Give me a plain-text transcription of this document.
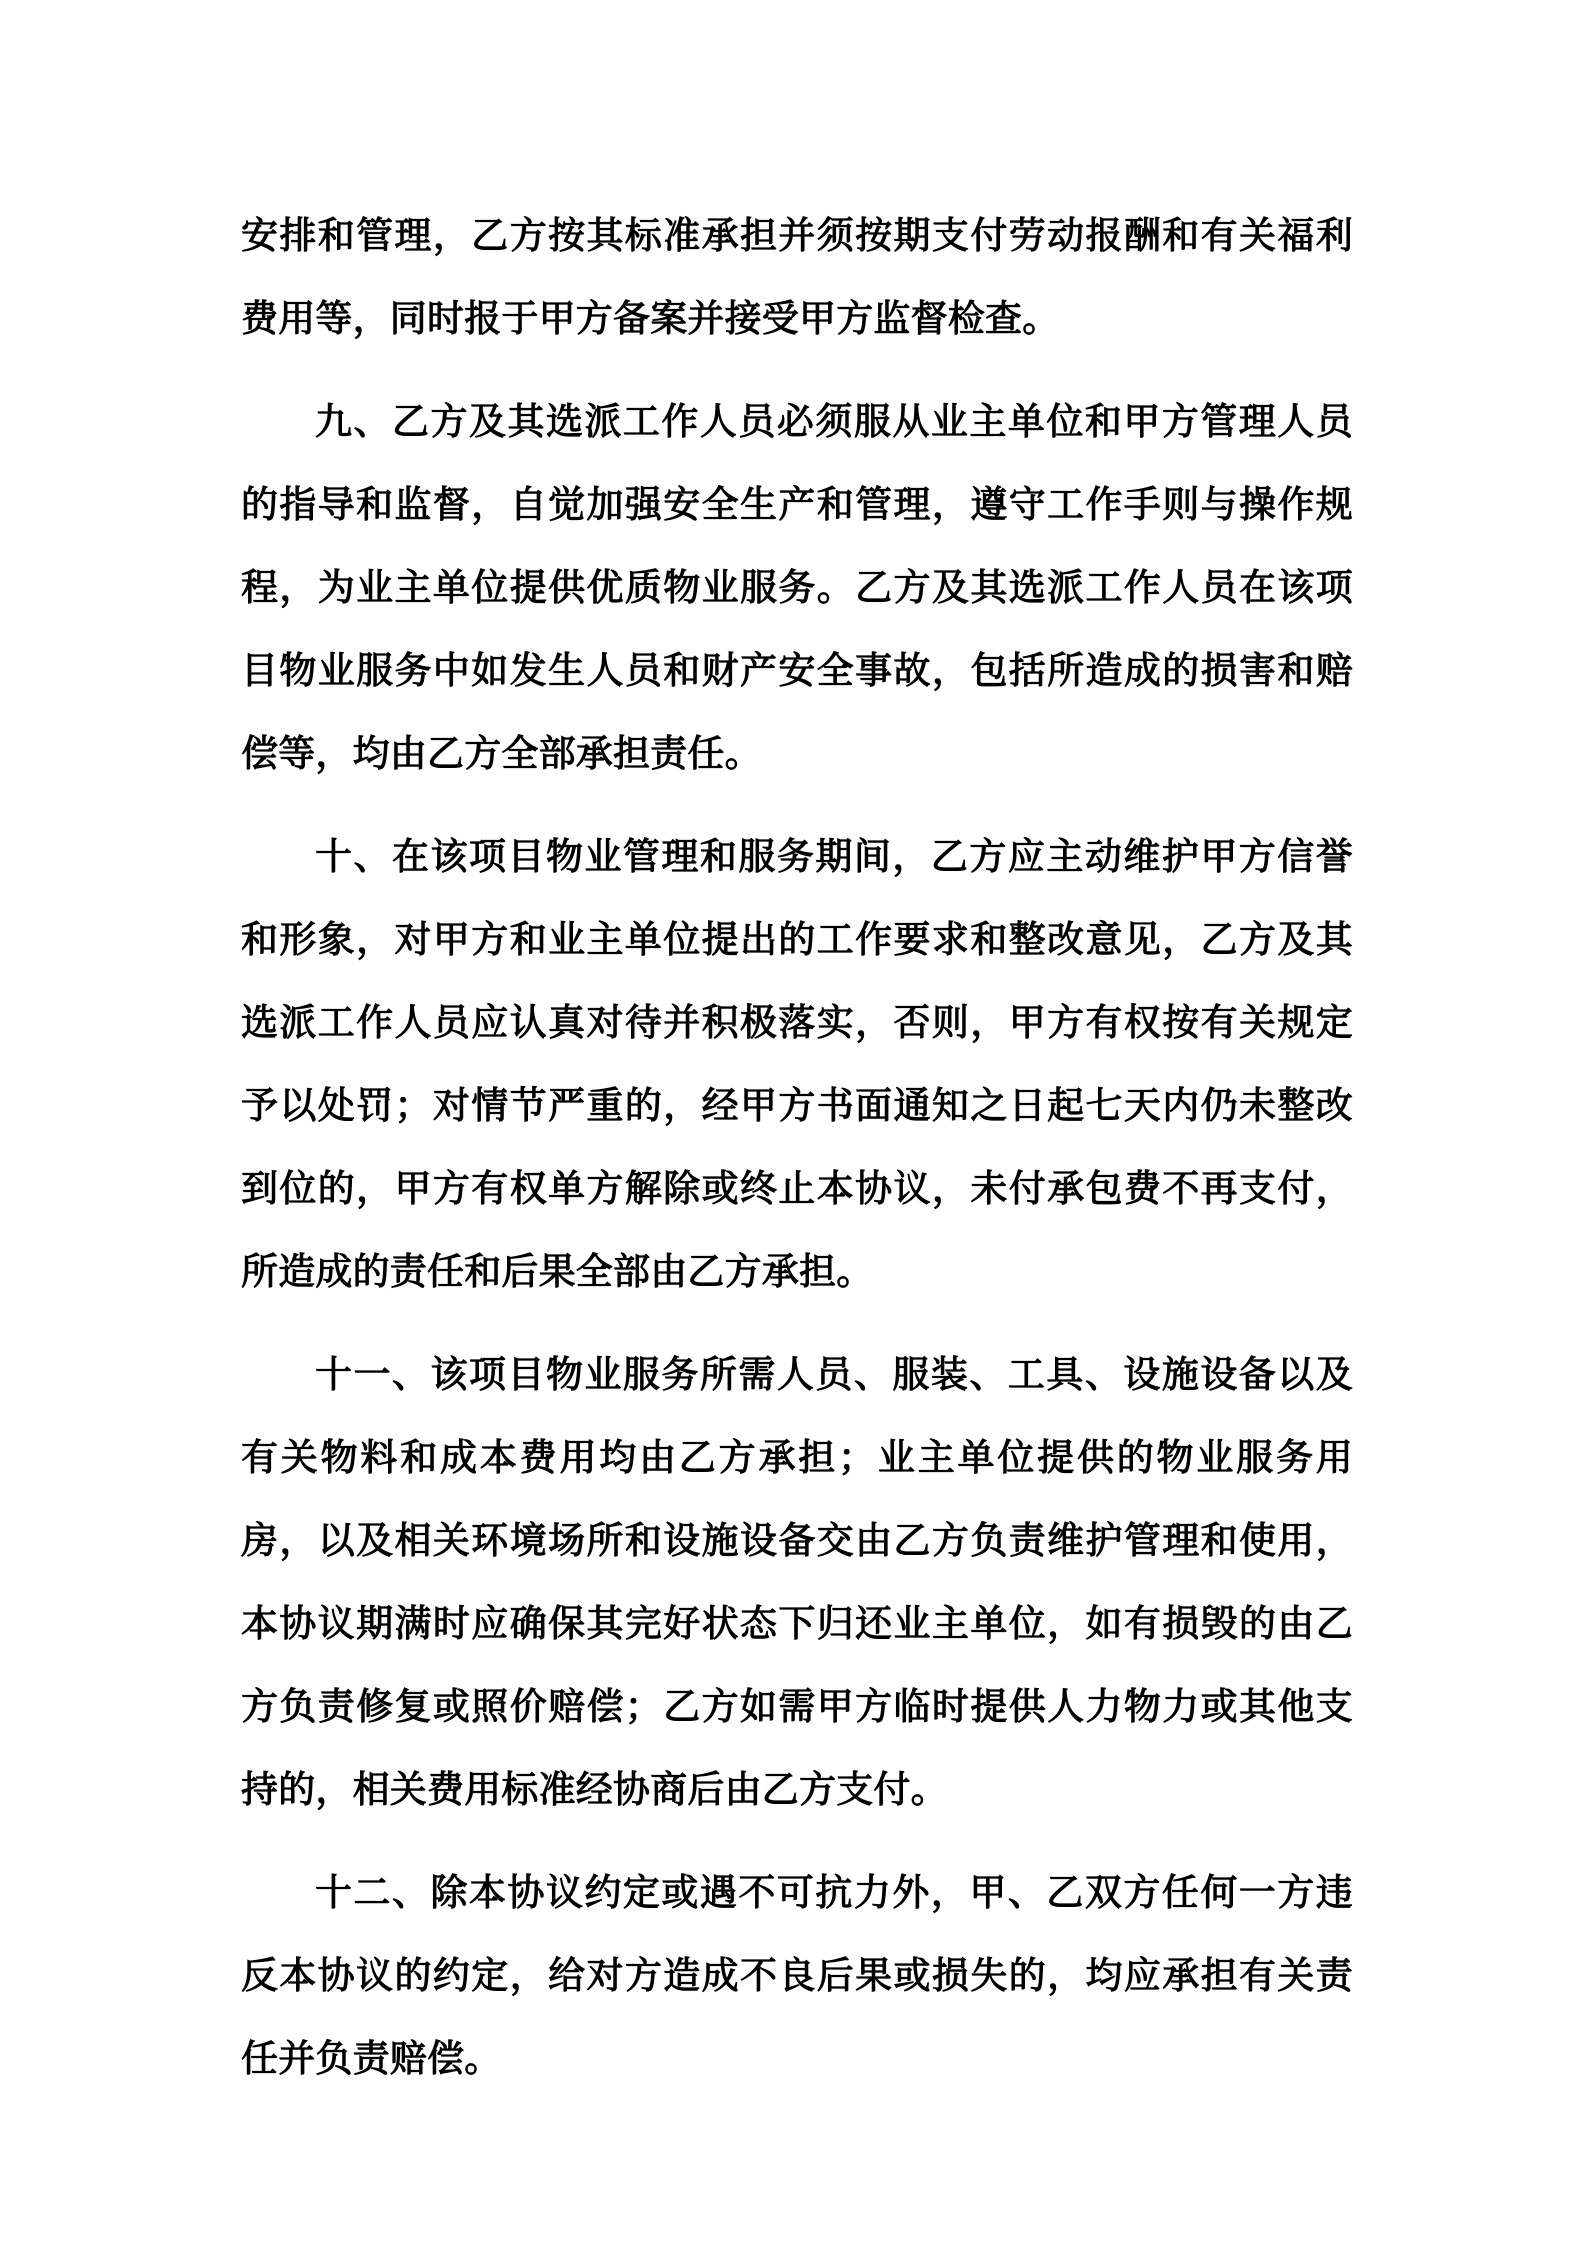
安排和管理，乙方按其标准承担并须按期支付劳动报酬和有关福利费用等，同时报于甲方备案并接受甲方监督检查。

九、乙方及其选派工作人员必须服从业主单位和甲方管理人员的指导和监督，自觉加强安全生产和管理，遵守工作手则与操作规程，为业主单位提供优质物业服务。乙方及其选派工作人员在该项目物业服务中如发生人员和财产安全事故，包括所造成的损害和赔偿等，均由乙方全部承担责任。

十、在该项目物业管理和服务期间，乙方应主动维护甲方信誉和形象，对甲方和业主单位提出的工作要求和整改意见，乙方及其选派工作人员应认真对待并积极落实，否则，甲方有权按有关规定予以处罚；对情节严重的，经甲方书面通知之日起七天内仍未整改到位的，甲方有权单方解除或终止本协议，未付承包费不再支付，所造成的责任和后果全部由乙方承担。

十一、该项目物业服务所需人员、服装、工具、设施设备以及有关物料和成本费用均由乙方承担；业主单位提供的物业服务用房，以及相关环境场所和设施设备交由乙方负责维护管理和使用，本协议期满时应确保其完好状态下归还业主单位，如有损毁的由乙方负责修复或照价赔偿；乙方如需甲方临时提供人力物力或其他支持的，相关费用标准经协商后由乙方支付。

十二、除本协议约定或遇不可抗力外，甲、乙双方任何一方违反本协议的约定，给对方造成不良后果或损失的，均应承担有关责任并负责赔偿。
